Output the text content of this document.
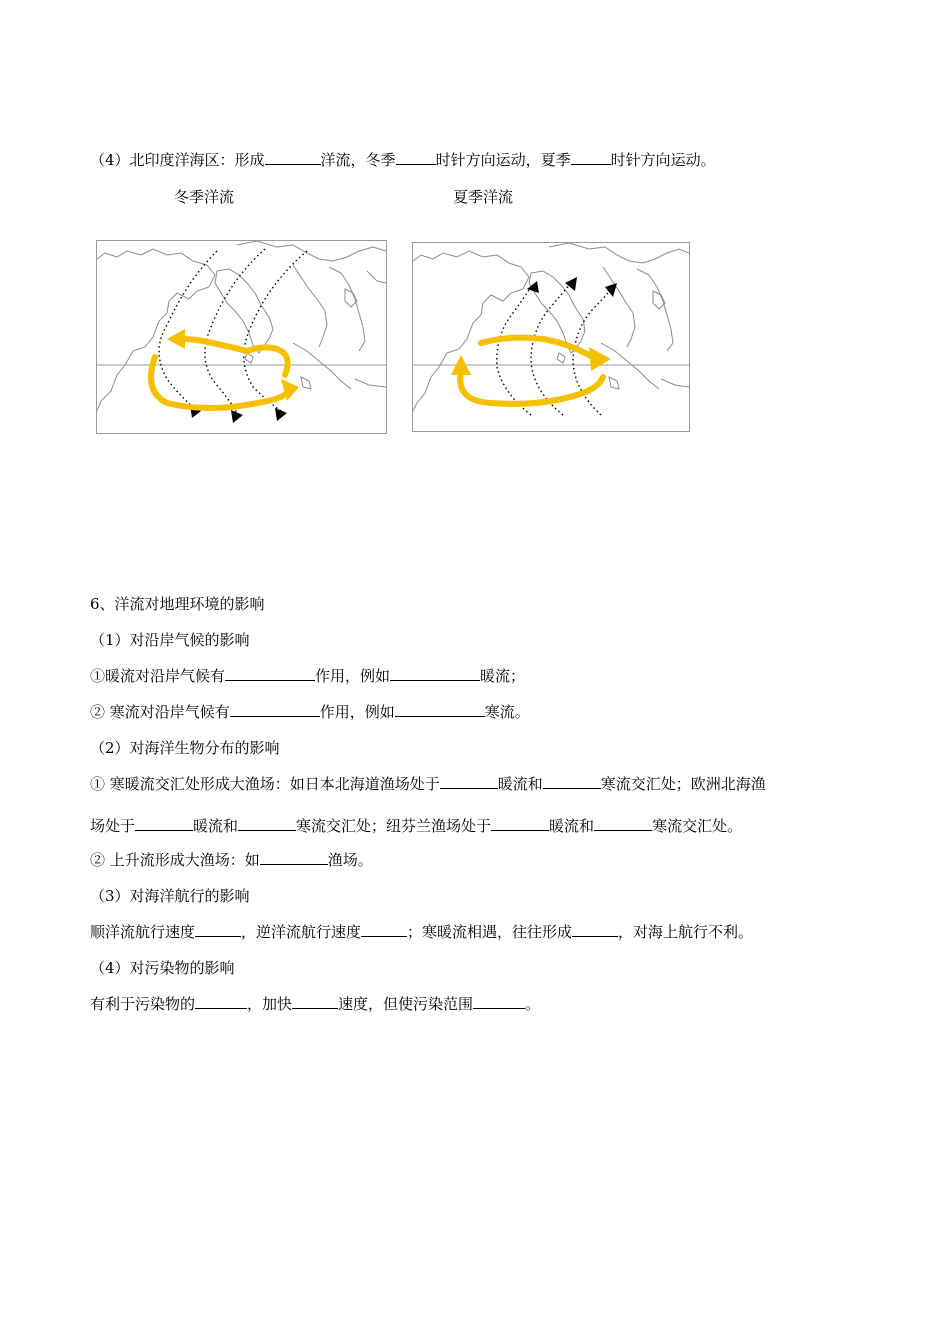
（4）北印度洋海区：形成	洋流，冬季	时针方向运动，夏季	时针方向运动。
冬季洋流	夏季洋流
6、洋流对地理环境的影响
（1）对沿岸气候的影响
①暖流对沿岸气候有	作用，例如	暖流；
② 寒流对沿岸气候有	作用，例如	寒流。
（2）对海洋生物分布的影响
① 寒暖流交汇处形成大渔场：如日本北海道渔场处于	暖流和	寒流交汇处；欧洲北海渔
场处于	暖流和	寒流交汇处；纽芬兰渔场处于	暖流和	寒流交汇处。
② 上升流形成大渔场：如	渔场。
（3）对海洋航行的影响
顺洋流航行速度	，逆洋流航行速度	；寒暖流相遇，往往形成	，对海上航行不利。
（4）对污染物的影响
有利于污染物的	，加快	速度，但使污染范围	。
